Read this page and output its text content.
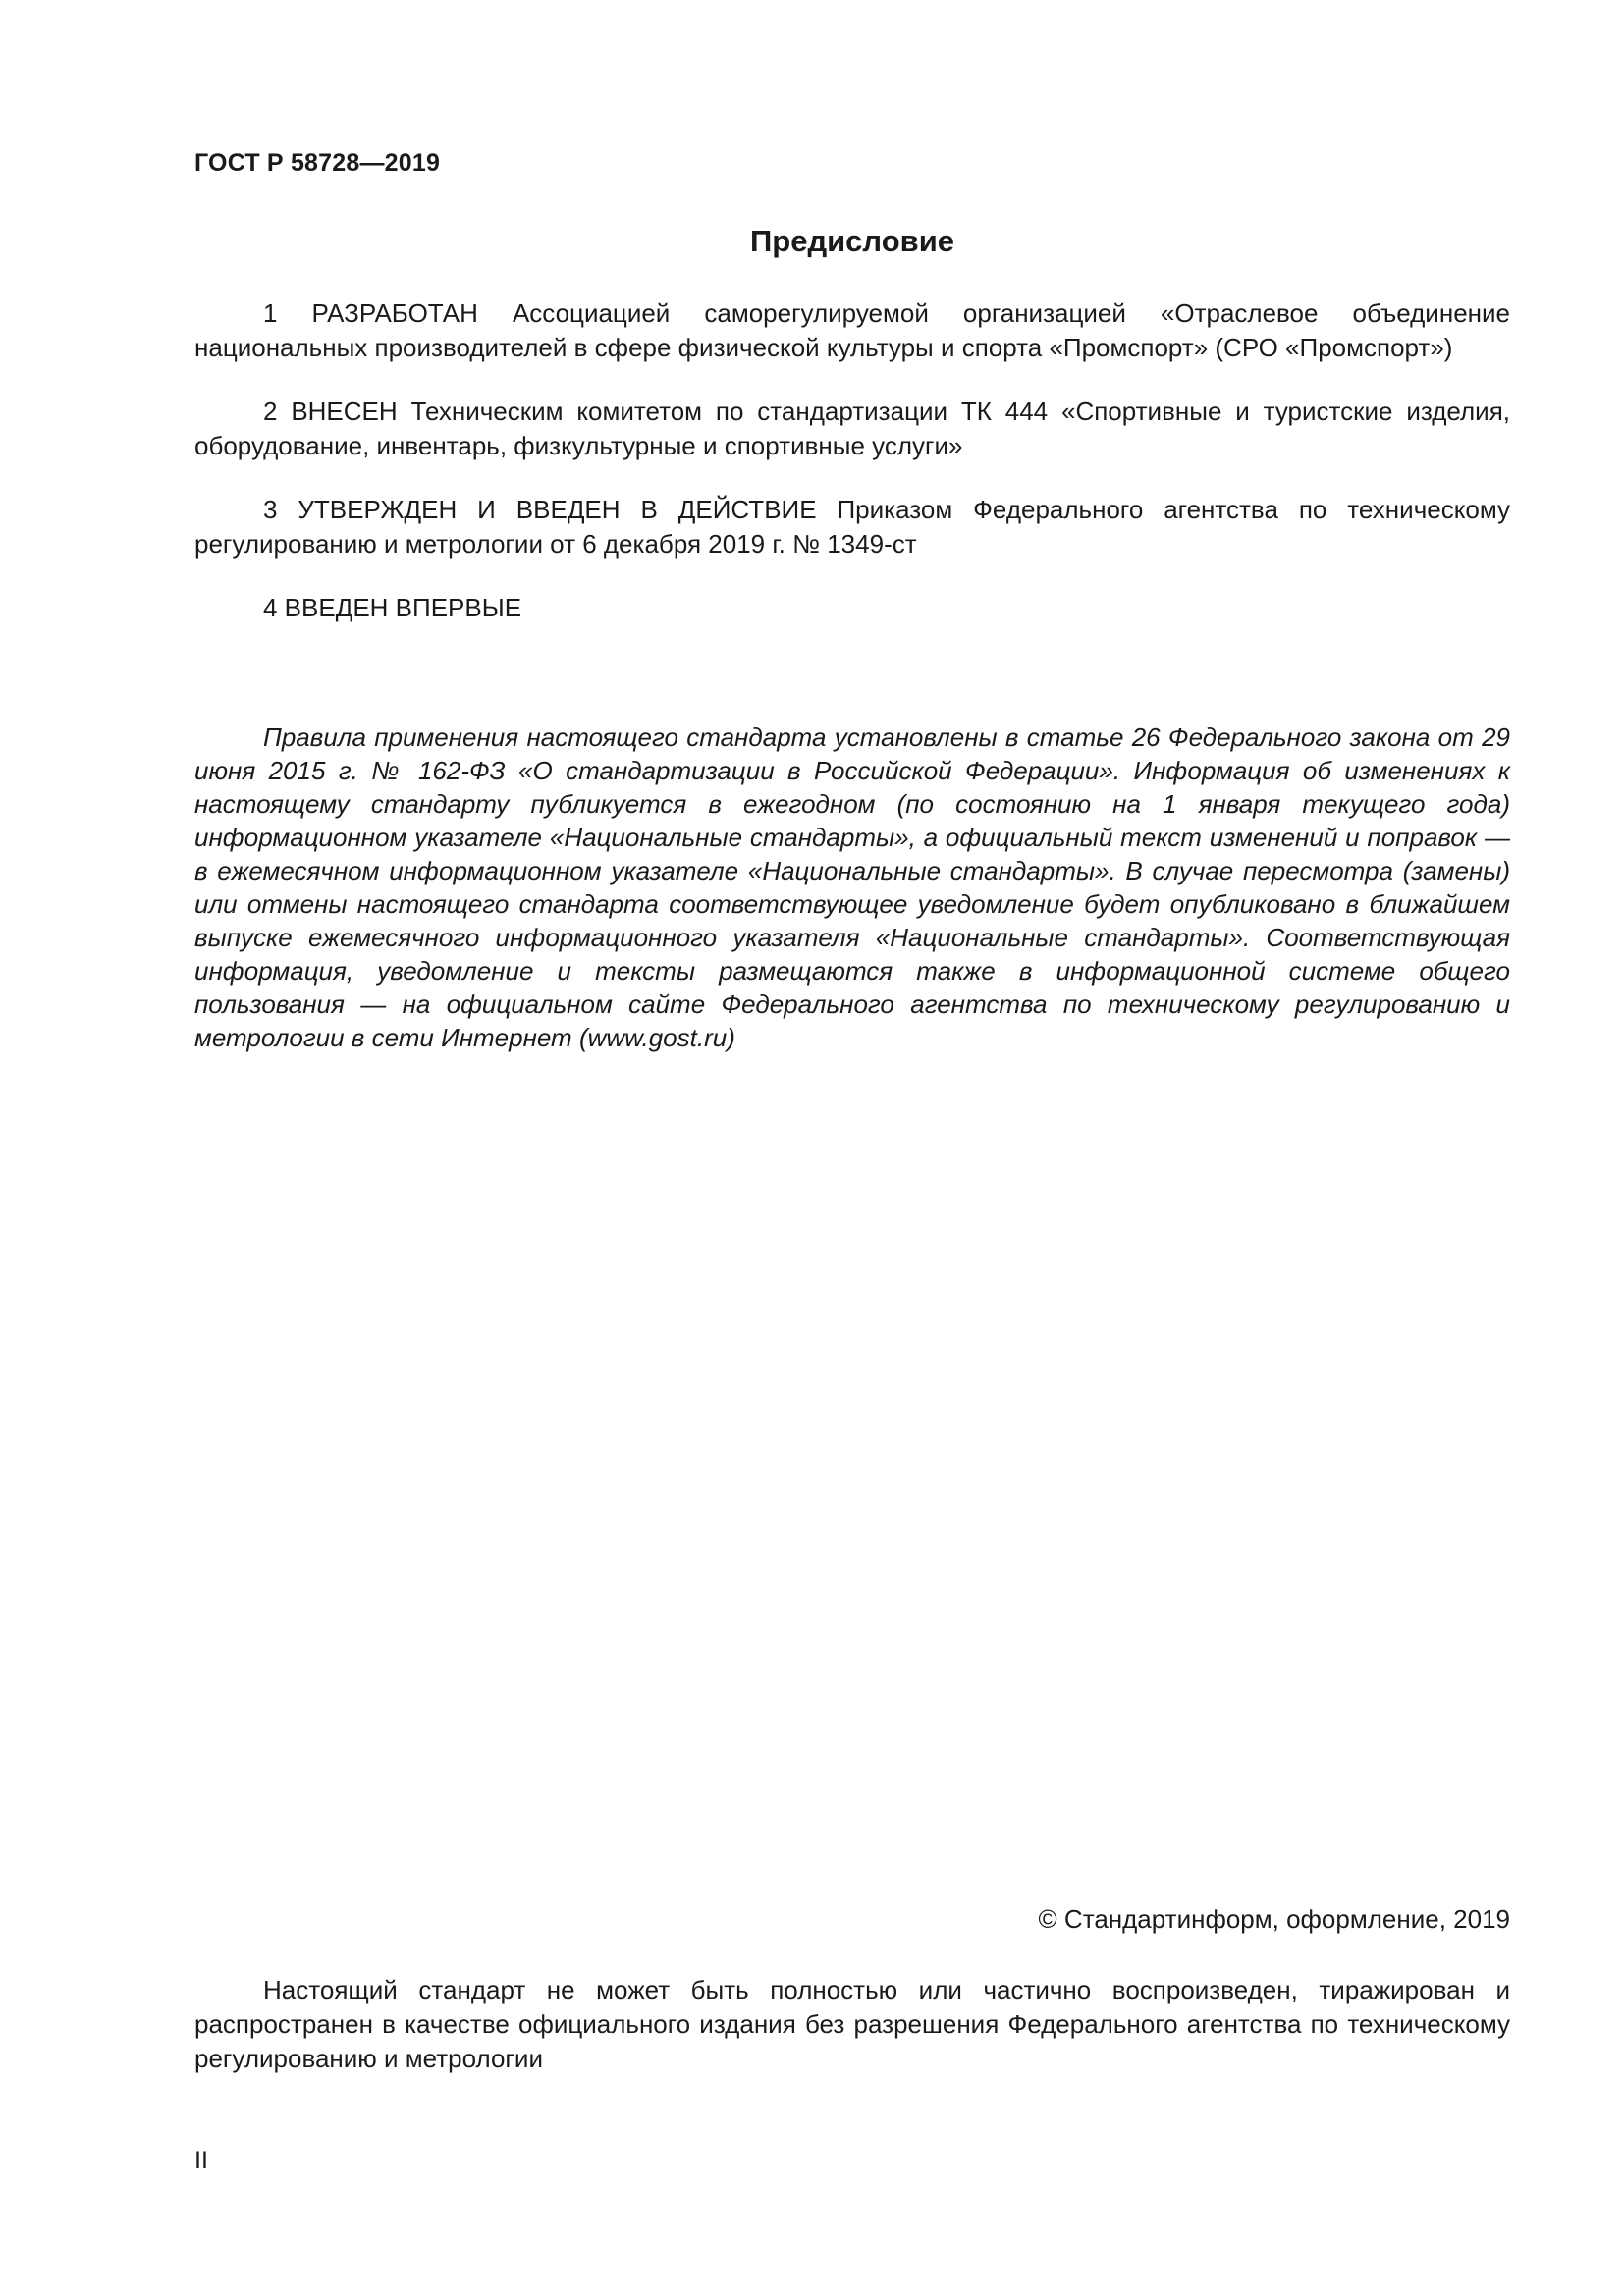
ГОСТ Р 58728—2019
Предисловие

1 РАЗРАБОТАН Ассоциацией саморегулируемой организацией «Отраслевое объединение национальных производителей в сфере физической культуры и спорта «Промспорт» (СРО «Промспорт»)

2 ВНЕСЕН Техническим комитетом по стандартизации ТК 444 «Спортивные и туристские изделия, оборудование, инвентарь, физкультурные и спортивные услуги»

3 УТВЕРЖДЕН И ВВЕДЕН В ДЕЙСТВИЕ Приказом Федерального агентства по техническому регулированию и метрологии от 6 декабря 2019 г. № 1349-ст

4 ВВЕДЕН ВПЕРВЫЕ

Правила применения настоящего стандарта установлены в статье 26 Федерального закона от 29 июня 2015 г. № 162-ФЗ «О стандартизации в Российской Федерации». Информация об изменениях к настоящему стандарту публикуется в ежегодном (по состоянию на 1 января текущего года) информационном указателе «Национальные стандарты», а официальный текст изменений и поправок — в ежемесячном информационном указателе «Национальные стандарты». В случае пересмотра (замены) или отмены настоящего стандарта соответствующее уведомление будет опубликовано в ближайшем выпуске ежемесячного информационного указателя «Национальные стандарты». Соответствующая информация, уведомление и тексты размещаются также в информационной системе общего пользования — на официальном сайте Федерального агентства по техническому регулированию и метрологии в сети Интернет (www.gost.ru)

© Стандартинформ, оформление, 2019

Настоящий стандарт не может быть полностью или частично воспроизведен, тиражирован и распространен в качестве официального издания без разрешения Федерального агентства по техническому регулированию и метрологии

II
